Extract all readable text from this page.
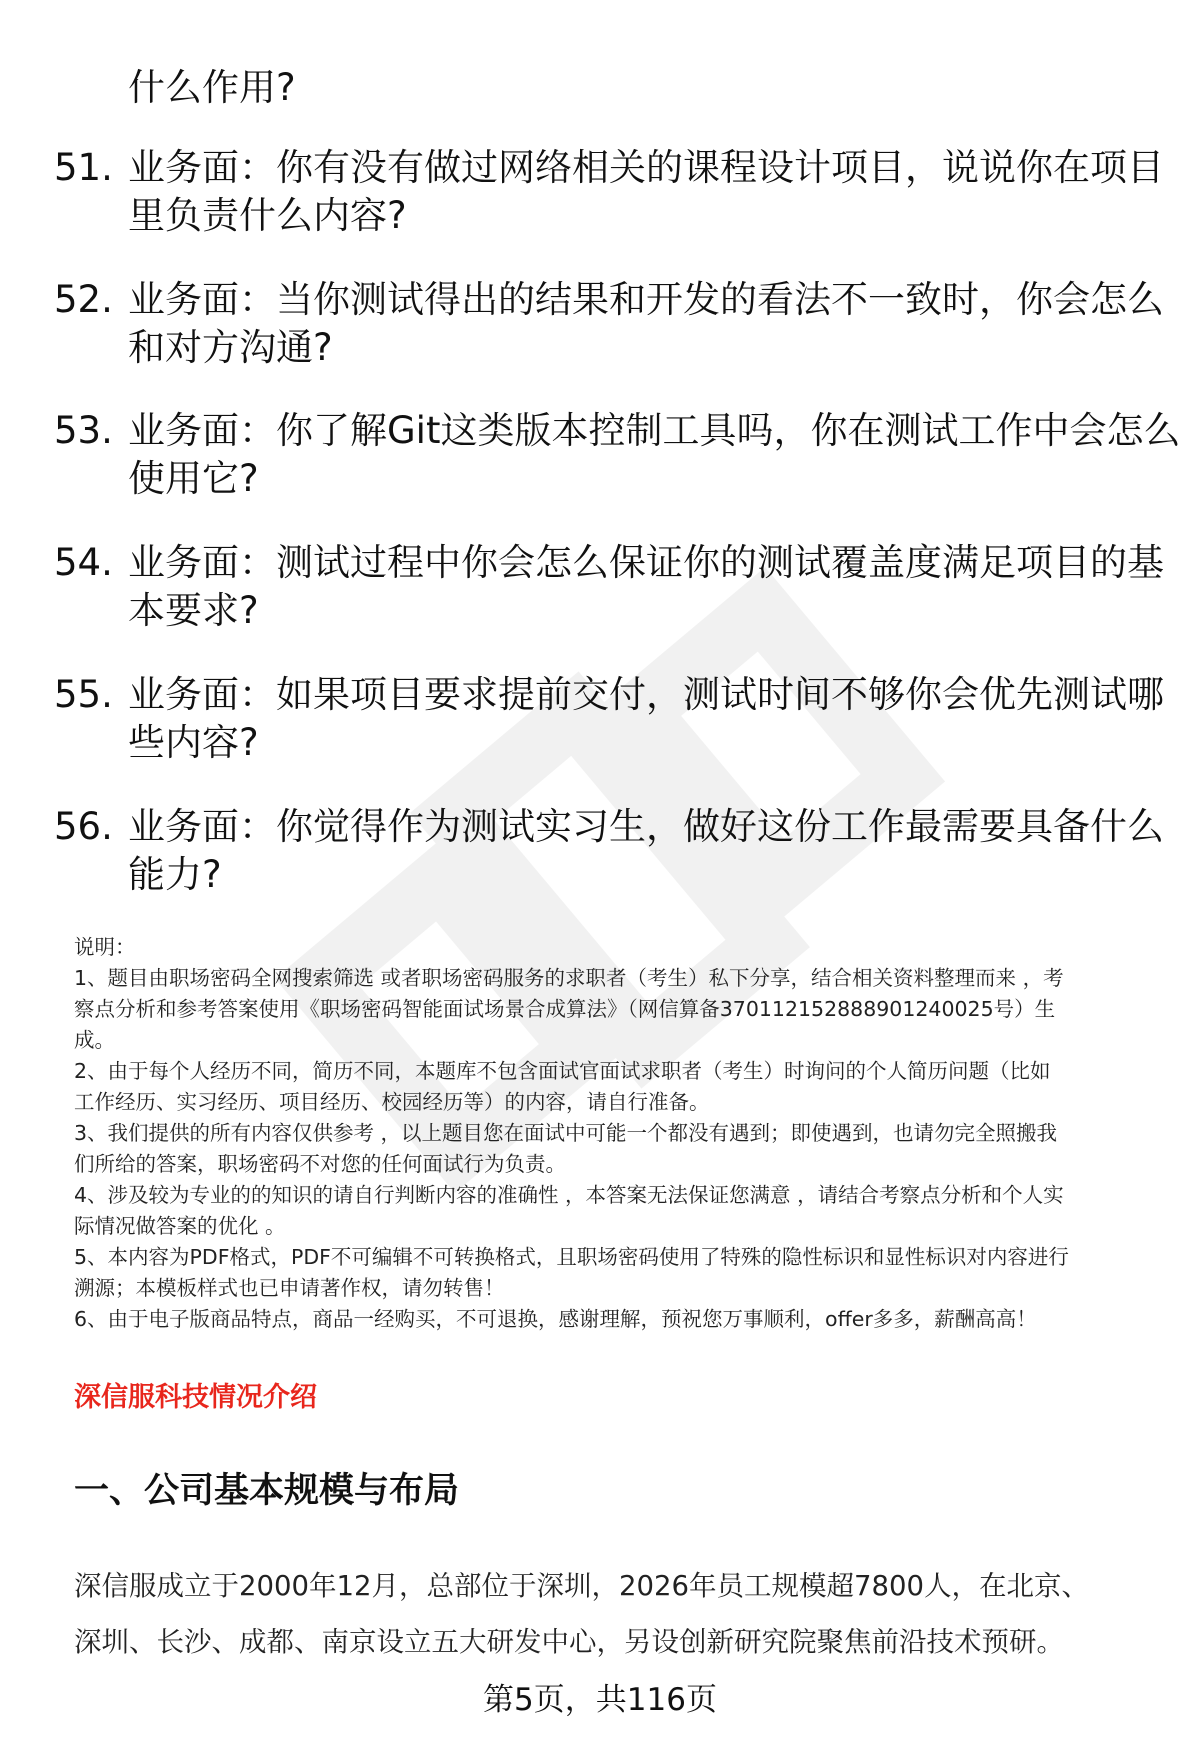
什么作用?
51. 业务面：你有没有做过网络相关的课程设计项目，说说你在项目
里负责什么内容?
52. 业务面：当你测试得出的结果和开发的看法不一致时，你会怎么
和对方沟通?
53. 业务面：你了解Git这类版本控制工具吗，你在测试工作中会怎么
使用它?
54. 业务面：测试过程中你会怎么保证你的测试覆盖度满足项目的基
本要求?
55. 业务面：如果项目要求提前交付，测试时间不够你会优先测试哪
些内容?
56. 业务面：你觉得作为测试实习生，做好这份工作最需要具备什么
能力?
说明：
1、题目由职场密码全网搜索筛选 或者职场密码服务的求职者（考生）私下分享，结合相关资料整理而来 ，考
察点分析和参考答案使用《职场密码智能面试场景合成算法》（网信算备370112152888901240025号）生
成。
2、由于每个人经历不同，简历不同，本题库不包含面试官面试求职者（考生）时询问的个人简历问题（比如
工作经历、实习经历、项目经历、校园经历等）的内容，请自行准备。
3、我们提供的所有内容仅供参考 ，以上题目您在面试中可能一个都没有遇到；即使遇到，也请勿完全照搬我
们所给的答案，职场密码不对您的任何面试行为负责。
4、涉及较为专业的的知识的请自行判断内容的准确性 ，本答案无法保证您满意 ，请结合考察点分析和个人实
际情况做答案的优化 。
5、本内容为PDF格式，PDF不可编辑不可转换格式，且职场密码使用了特殊的隐性标识和显性标识对内容进行
溯源；本模板样式也已申请著作权，请勿转售！
6、由于电子版商品特点，商品一经购买，不可退换，感谢理解，预祝您万事顺利，offer多多，薪酬高高！
深信服科技情况介绍
一、公司基本规模与布局
深信服成立于2000年12月，总部位于深圳，2026年员工规模超7800人，在北京、
深圳、长沙、成都、南京设立五大研发中心，另设创新研究院聚焦前沿技术预研。
第5页，共116页
